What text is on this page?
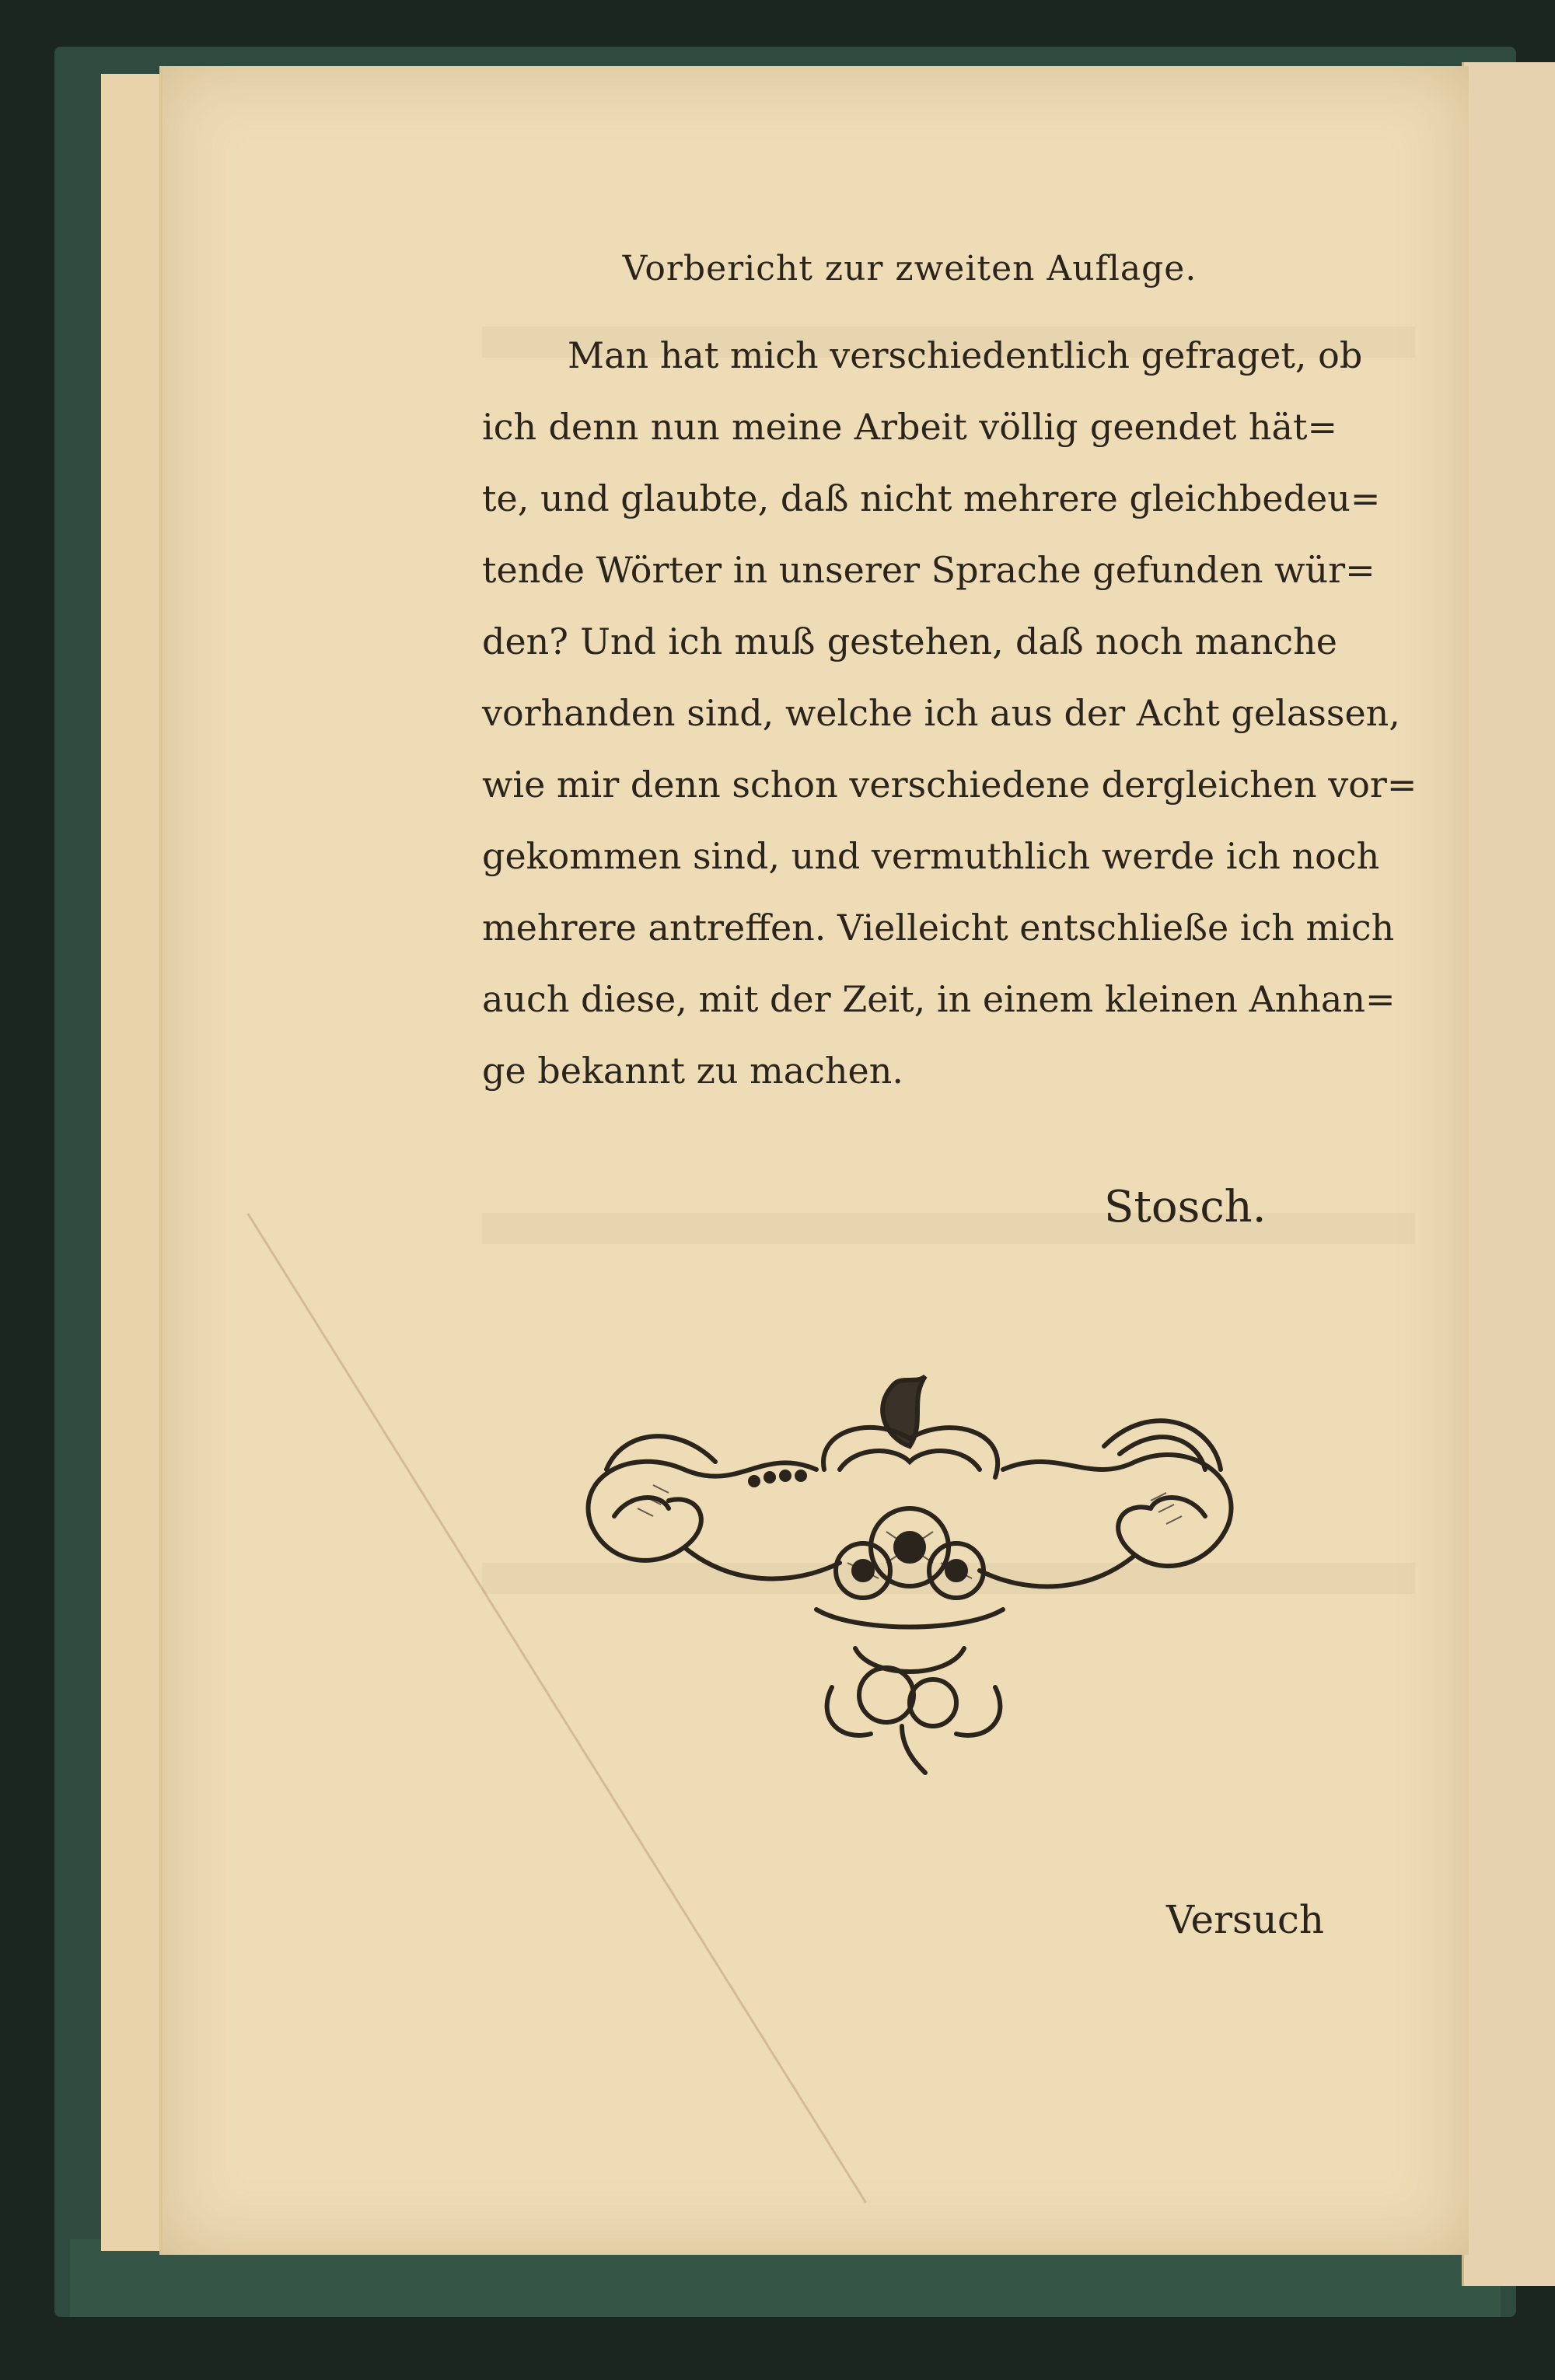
Vorbericht zur zweiten Auflage.

Man hat mich verschiedentlich gefraget, ob

ich denn nun meine Arbeit völlig geendet hät=

te, und glaubte, daß nicht mehrere gleichbedeu=

tende Wörter in unserer Sprache gefunden wür=

den? Und ich muß gestehen, daß noch manche

vorhanden sind, welche ich aus der Acht gelassen,

wie mir denn schon verschiedene dergleichen vor=

gekommen sind, und vermuthlich werde ich noch

mehrere antreffen. Vielleicht entschließe ich mich

auch diese, mit der Zeit, in einem kleinen Anhan=

ge bekannt zu machen.

Stosch.
Versuch
